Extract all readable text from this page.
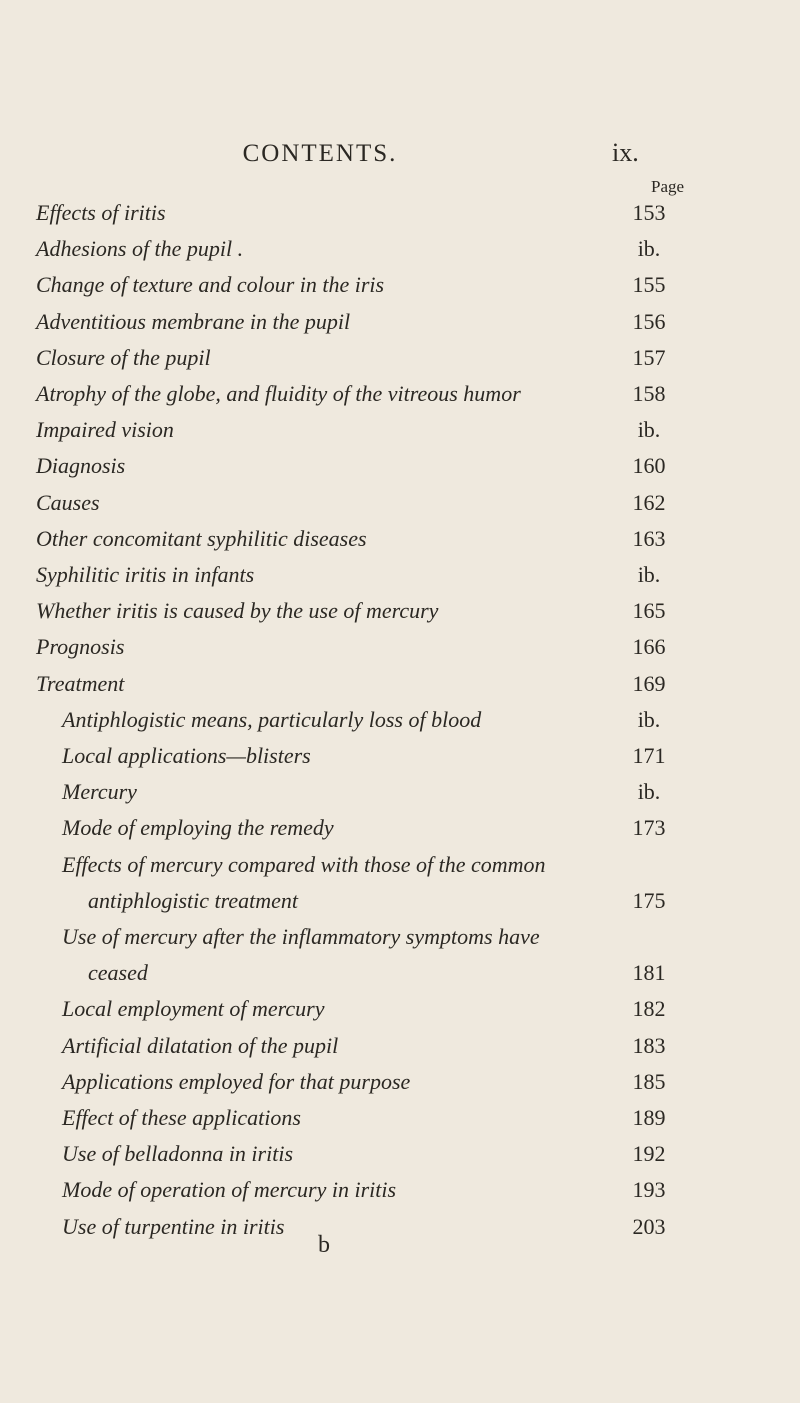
CONTENTS.	ix.
Page
Effects of iritis	153
Adhesions of the pupil .	ib.
Change of texture and colour in the iris	155
Adventitious membrane in the pupil	156
Closure of the pupil	157
Atrophy of the globe, and fluidity of the vitreous humor	158
Impaired vision	ib.
Diagnosis	160
Causes	162
Other concomitant syphilitic diseases	163
Syphilitic iritis in infants	ib.
Whether iritis is caused by the use of mercury	165
Prognosis	166
Treatment	169
Antiphlogistic means, particularly loss of blood	ib.
Local applications—blisters	171
Mercury	ib.
Mode of employing the remedy	173
Effects of mercury compared with those of the common
antiphlogistic treatment	175
Use of mercury after the inflammatory symptoms have
ceased	181
Local employment of mercury	182
Artificial dilatation of the pupil	183
Applications employed for that purpose	185
Effect of these applications	189
Use of belladonna in iritis	192
Mode of operation of mercury in iritis	193
Use of turpentine in iritis	203
b
